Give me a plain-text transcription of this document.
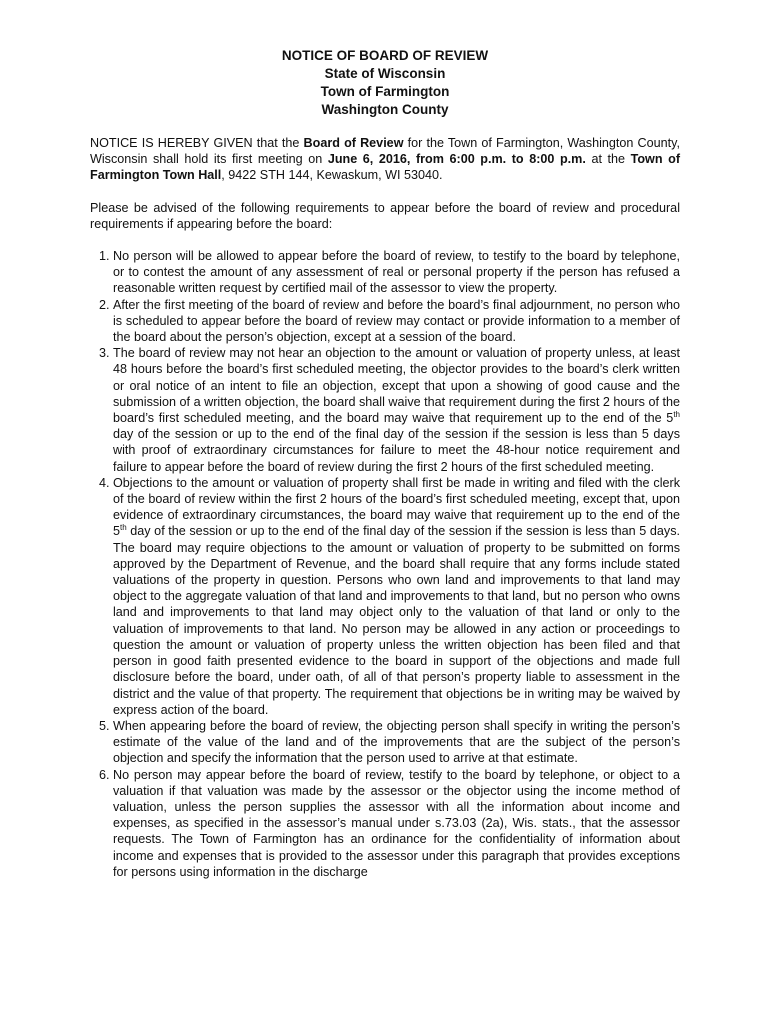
NOTICE OF BOARD OF REVIEW
State of Wisconsin
Town of Farmington
Washington County

NOTICE IS HEREBY GIVEN that the Board of Review for the Town of Farmington, Washington County, Wisconsin shall hold its first meeting on June 6, 2016, from 6:00 p.m. to 8:00 p.m. at the Town of Farmington Town Hall, 9422 STH 144, Kewaskum, WI 53040.

Please be advised of the following requirements to appear before the board of review and procedural requirements if appearing before the board:

1. No person will be allowed to appear before the board of review, to testify to the board by telephone, or to contest the amount of any assessment of real or personal property if the person has refused a reasonable written request by certified mail of the assessor to view the property.
2. After the first meeting of the board of review and before the board’s final adjournment, no person who is scheduled to appear before the board of review may contact or provide information to a member of the board about the person’s objection, except at a session of the board.
3. The board of review may not hear an objection to the amount or valuation of property unless, at least 48 hours before the board’s first scheduled meeting, the objector provides to the board’s clerk written or oral notice of an intent to file an objection, except that upon a showing of good cause and the submission of a written objection, the board shall waive that requirement during the first 2 hours of the board’s first scheduled meeting, and the board may waive that requirement up to the end of the 5th day of the session or up to the end of the final day of the session if the session is less than 5 days with proof of extraordinary circumstances for failure to meet the 48-hour notice requirement and failure to appear before the board of review during the first 2 hours of the first scheduled meeting.
4. Objections to the amount or valuation of property shall first be made in writing and filed with the clerk of the board of review within the first 2 hours of the board’s first scheduled meeting, except that, upon evidence of extraordinary circumstances, the board may waive that requirement up to the end of the 5th day of the session or up to the end of the final day of the session if the session is less than 5 days. The board may require objections to the amount or valuation of property to be submitted on forms approved by the Department of Revenue, and the board shall require that any forms include stated valuations of the property in question. Persons who own land and improvements to that land may object to the aggregate valuation of that land and improvements to that land, but no person who owns land and improvements to that land may object only to the valuation of that land or only to the valuation of improvements to that land. No person may be allowed in any action or proceedings to question the amount or valuation of property unless the written objection has been filed and that person in good faith presented evidence to the board in support of the objections and made full disclosure before the board, under oath, of all of that person’s property liable to assessment in the district and the value of that property. The requirement that objections be in writing may be waived by express action of the board.
5. When appearing before the board of review, the objecting person shall specify in writing the person’s estimate of the value of the land and of the improvements that are the subject of the person’s objection and specify the information that the person used to arrive at that estimate.
6. No person may appear before the board of review, testify to the board by telephone, or object to a valuation if that valuation was made by the assessor or the objector using the income method of valuation, unless the person supplies the assessor with all the information about income and expenses, as specified in the assessor’s manual under s.73.03 (2a), Wis. stats., that the assessor requests. The Town of Farmington has an ordinance for the confidentiality of information about income and expenses that is provided to the assessor under this paragraph that provides exceptions for persons using information in the discharge
